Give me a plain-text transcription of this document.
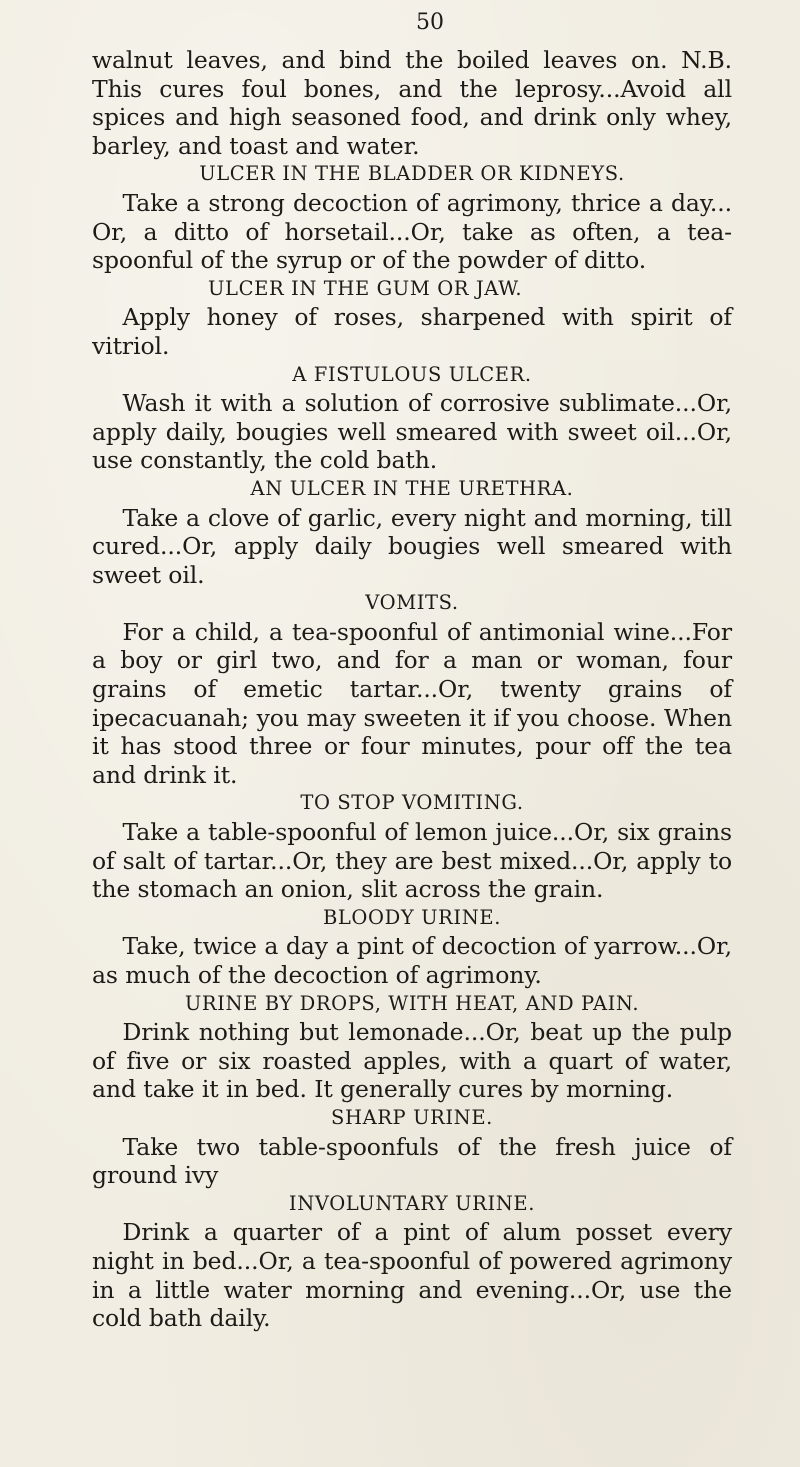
50

walnut leaves, and bind the boiled leaves on. N.B. This cures foul bones, and the leprosy...Avoid all spices and high seasoned food, and drink only whey, barley, and toast and water.

ULCER IN THE BLADDER OR KIDNEYS.

Take a strong decoction of agrimony, thrice a day... Or, a ditto of horsetail...Or, take as often, a tea-spoonful of the syrup or of the powder of ditto.

ULCER IN THE GUM OR JAW.

Apply honey of roses, sharpened with spirit of vitriol.

A FISTULOUS ULCER.

Wash it with a solution of corrosive sublimate...Or, apply daily, bougies well smeared with sweet oil...Or, use constantly, the cold bath.

AN ULCER IN THE URETHRA.

Take a clove of garlic, every night and morning, till cured...Or, apply daily bougies well smeared with sweet oil.

VOMITS.

For a child, a tea-spoonful of antimonial wine...For a boy or girl two, and for a man or woman, four grains of emetic tartar...Or, twenty grains of ipecacuanah; you may sweeten it if you choose. When it has stood three or four minutes, pour off the tea and drink it.

TO STOP VOMITING.

Take a table-spoonful of lemon juice...Or, six grains of salt of tartar...Or, they are best mixed...Or, apply to the stomach an onion, slit across the grain.

BLOODY URINE.

Take, twice a day a pint of decoction of yarrow...Or, as much of the decoction of agrimony.

URINE BY DROPS, WITH HEAT, AND PAIN.

Drink nothing but lemonade...Or, beat up the pulp of five or six roasted apples, with a quart of water, and take it in bed. It generally cures by morning.

SHARP URINE.

Take two table-spoonfuls of the fresh juice of ground ivy

INVOLUNTARY URINE.

Drink a quarter of a pint of alum posset every night in bed...Or, a tea-spoonful of powered agrimony in a little water morning and evening...Or, use the cold bath daily.
